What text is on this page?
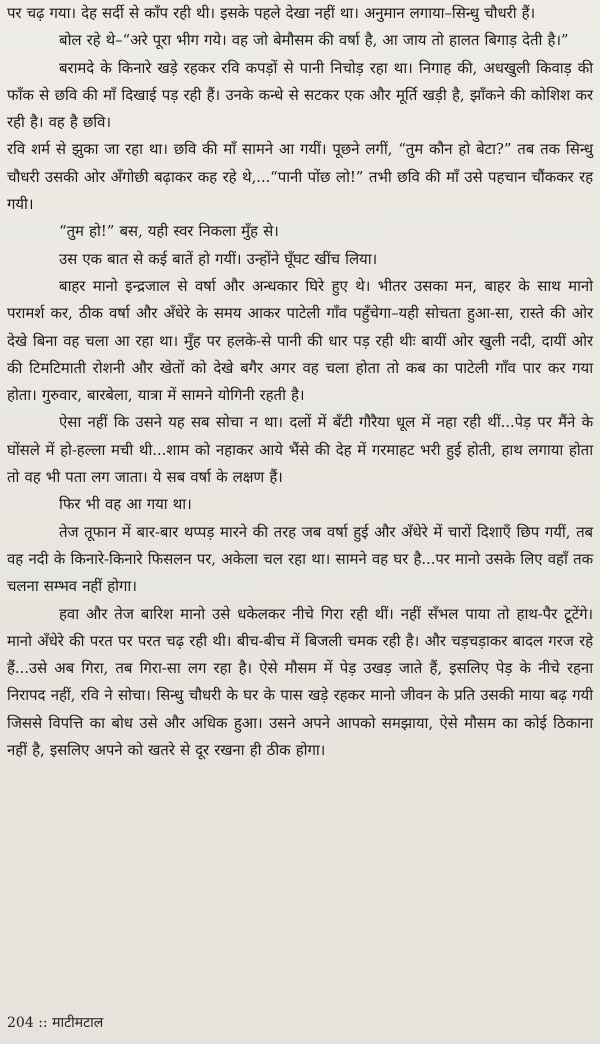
पर चढ़ गया। देह सर्दी से काँप रही थी। इसके पहले देखा नहीं था। अनुमान लगाया–सिन्धु चौधरी हैं।

बोल रहे थे–“अरे पूरा भीग गये। वह जो बेमौसम की वर्षा है, आ जाय तो हालत बिगाड़ देती है।”

बरामदे के किनारे खड़े रहकर रवि कपड़ों से पानी निचोड़ रहा था। निगाह की, अधखुली किवाड़ की फाँक से छवि की माँ दिखाई पड़ रही हैं। उनके कन्धे से सटकर एक और मूर्ति खड़ी है, झाँकने की कोशिश कर रही है। वह है छवि।

रवि शर्म से झुका जा रहा था। छवि की माँ सामने आ गयीं। पूछने लगीं, “तुम कौन हो बेटा?” तब तक सिन्धु चौधरी उसकी ओर अँगोछी बढ़ाकर कह रहे थे,...“पानी पोंछ लो!” तभी छवि की माँ उसे पहचान चौंककर रह गयी।

“तुम हो!” बस, यही स्वर निकला मुँह से।

उस एक बात से कई बातें हो गयीं। उन्होंने घूँघट खींच लिया।

बाहर मानो इन्द्रजाल से वर्षा और अन्धकार घिरे हुए थे। भीतर उसका मन, बाहर के साथ मानो परामर्श कर, ठीक वर्षा और अँधेरे के समय आकर पाटेली गाँव पहुँचेगा–यही सोचता हुआ-सा, रास्ते की ओर देखे बिना वह चला आ रहा था। मुँह पर हलके-से पानी की धार पड़ रही थीः बायीं ओर खुली नदी, दायीं ओर की टिमटिमाती रोशनी और खेतों को देखे बगैर अगर वह चला होता तो कब का पाटेली गाँव पार कर गया होता। गुरुवार, बारबेला, यात्रा में सामने योगिनी रहती है।

ऐसा नहीं कि उसने यह सब सोचा न था। दलों में बँटी गौरैया धूल में नहा रही थीं...पेड़ पर मैंने के घोंसले में हो-हल्ला मची थी...शाम को नहाकर आये भैंसे की देह में गरमाहट भरी हुई होती, हाथ लगाया होता तो वह भी पता लग जाता। ये सब वर्षा के लक्षण हैं।

फिर भी वह आ गया था।

तेज तूफान में बार-बार थप्पड़ मारने की तरह जब वर्षा हुई और अँधेरे में चारों दिशाएँ छिप गयीं, तब वह नदी के किनारे-किनारे फिसलन पर, अकेला चल रहा था। सामने वह घर है...पर मानो उसके लिए वहाँ तक चलना सम्भव नहीं होगा।

हवा और तेज बारिश मानो उसे धकेलकर नीचे गिरा रही थीं। नहीं सँभल पाया तो हाथ-पैर टूटेंगे। मानो अँधेरे की परत पर परत चढ़ रही थी। बीच-बीच में बिजली चमक रही है। और चड़चड़ाकर बादल गरज रहे हैं...उसे अब गिरा, तब गिरा-सा लग रहा है। ऐसे मौसम में पेड़ उखड़ जाते हैं, इसलिए पेड़ के नीचे रहना निरापद नहीं, रवि ने सोचा। सिन्धु चौधरी के घर के पास खड़े रहकर मानो जीवन के प्रति उसकी माया बढ़ गयी जिससे विपत्ति का बोध उसे और अधिक हुआ। उसने अपने आपको समझाया, ऐसे मौसम का कोई ठिकाना नहीं है, इसलिए अपने को खतरे से दूर रखना ही ठीक होगा।

204 :: माटीमटाल
